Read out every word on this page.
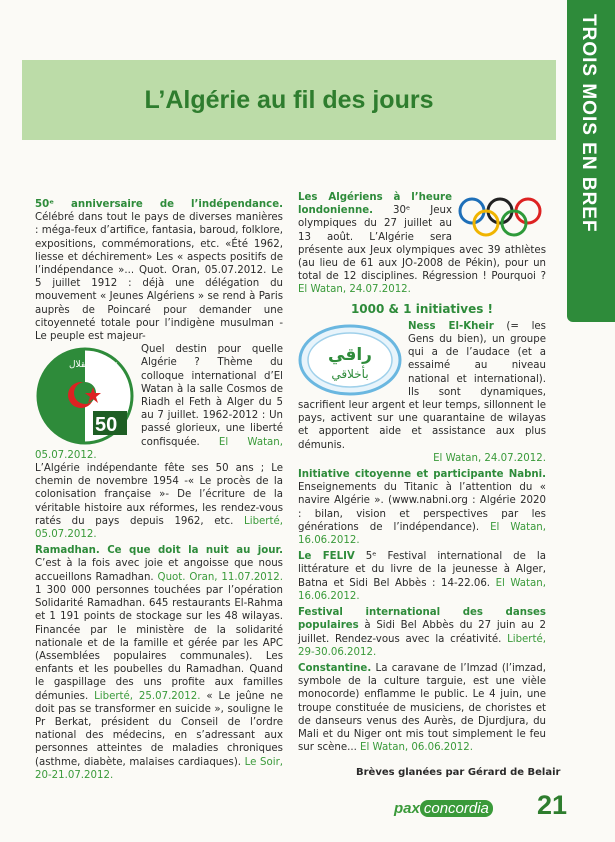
TROIS MOIS EN BREF
L’Algérie au fil des jours

50ᵉ anniversaire de l’indépendance. Célébré dans tout le pays de diverses manières : méga-feux d’artifice, fantasia, baroud, folklore, expositions, commémorations, etc. «Été 1962, liesse et déchirement» Les « aspects positifs de l’indépendance »... Quot. Oran, 05.07.2012. Le 5 juillet 1912 : déjà une délégation du mouvement « Jeunes Algériens » se rend à Paris auprès de Poincaré pour demander une citoyenneté totale pour l’indigène musulman -Le peuple est majeur-

عيد الاستقلال
50
Quel destin pour quelle Algérie ? Thème du colloque international d’El Watan à la salle Cosmos de Riadh el Feth à Alger du 5 au 7 juillet. 1962-2012 : Un passé glorieux, une liberté confisquée. El Watan, 05.07.2012.

L’Algérie indépendante fête ses 50 ans ; Le chemin de novembre 1954 -« Le procès de la colonisation française »- De l’écriture de la véritable histoire aux réformes, les rendez-vous ratés du pays depuis 1962, etc. Liberté, 05.07.2012.

Ramadhan. Ce que doit la nuit au jour. C’est à la fois avec joie et angoisse que nous accueillons Ramadhan. Quot. Oran, 11.07.2012. 1 300 000 personnes touchées par l’opération Solidarité Ramadhan. 645 restaurants El-Rahma et 1 191 points de stockage sur les 48 wilayas. Financée par le ministère de la solidarité nationale et de la famille et gérée par les APC (Assemblées populaires communales). Les enfants et les poubelles du Ramadhan. Quand le gaspillage des uns profite aux familles démunies. Liberté, 25.07.2012. « Le jeûne ne doit pas se transformer en suicide », souligne le Pr Berkat, président du Conseil de l’ordre national des médecins, en s’adressant aux personnes atteintes de maladies chroniques (asthme, diabète, malaises cardiaques). Le Soir, 20-21.07.2012.

Les Algériens à l’heure londonienne. 30ᵉ Jeux olympiques du 27 juillet au 13 août. L’Algérie sera présente aux Jeux olympiques avec 39 athlètes (au lieu de 61 aux JO-2008 de Pékin), pour un total de 12 disciplines. Régression ! Pourquoi ? El Watan, 24.07.2012.

1000 & 1 initiatives !

راقي
بأخلاقي
Ness El-Kheir (= les Gens du bien), un groupe qui a de l’audace (et a essaimé au niveau national et international). Ils sont dynamiques, sacrifient leur argent et leur temps, sillonnent le pays, activent sur une quarantaine de wilayas et apportent aide et assistance aux plus démunis.

El Watan, 24.07.2012.

Initiative citoyenne et participante Nabni. Enseignements du Titanic à l’attention du « navire Algérie ». (www.nabni.org : Algérie 2020 : bilan, vision et perspectives par les générations de l’indépendance). El Watan, 16.06.2012.

Le FELIV 5ᵉ Festival international de la littérature et du livre de la jeunesse à Alger, Batna et Sidi Bel Abbès : 14-22.06. El Watan, 16.06.2012.

Festival international des danses populaires à Sidi Bel Abbès du 27 juin au 2 juillet. Rendez-vous avec la créativité. Liberté, 29-30.06.2012.

Constantine. La caravane de l’Imzad (l’imzad, symbole de la culture targuie, est une vièle monocorde) enflamme le public. Le 4 juin, une troupe constituée de musiciens, de choristes et de danseurs venus des Aurès, de Djurdjura, du Mali et du Niger ont mis tout simplement le feu sur scène... El Watan, 06.06.2012.

Brèves glanées par Gérard de Belair
pax concordia 21
